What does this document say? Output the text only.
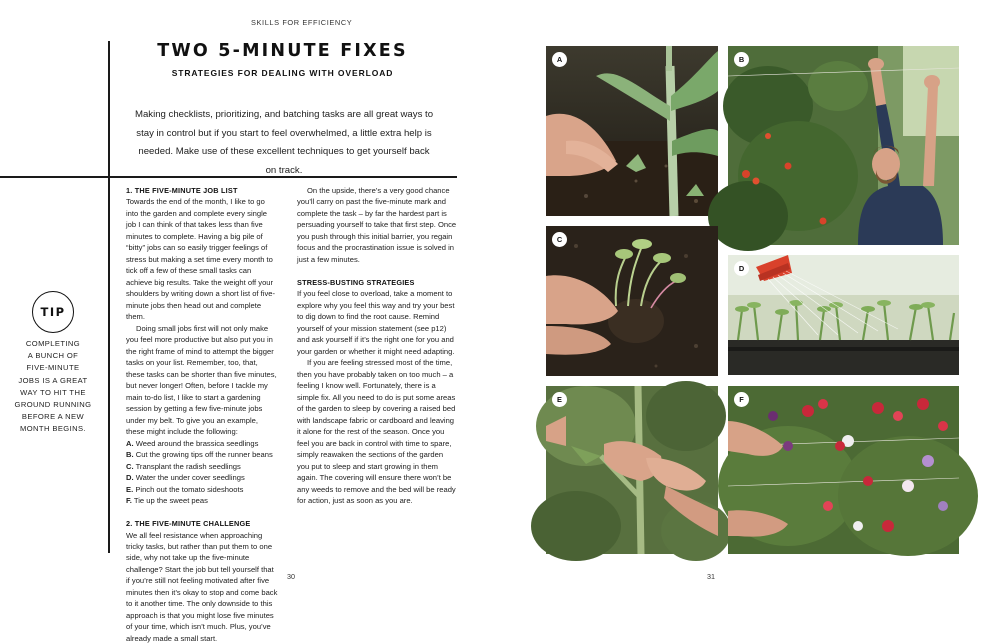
SKILLS FOR EFFICIENCY
TWO 5-MINUTE FIXES
STRATEGIES FOR DEALING WITH OVERLOAD
Making checklists, prioritizing, and batching tasks are all great ways to stay in control but if you start to feel overwhelmed, a little extra help is needed. Make use of these excellent techniques to get yourself back on track.
TIP
COMPLETING
A BUNCH OF
FIVE-MINUTE
JOBS IS A GREAT
WAY TO HIT THE
GROUND RUNNING
BEFORE A NEW
MONTH BEGINS.

1. THE FIVE-MINUTE JOB LIST

Towards the end of the month, I like to go into the garden and complete every single job I can think of that takes less than five minutes to complete. Having a big pile of “bitty” jobs can so easily trigger feelings of stress but making a set time every month to tick off a few of these small tasks can achieve big results. Take the weight off your shoulders by writing down a short list of five-minute jobs then head out and complete them.

Doing small jobs first will not only make you feel more productive but also put you in the right frame of mind to attempt the bigger tasks on your list. Remember, too, that, these tasks can be shorter than five minutes, but never longer! Often, before I tackle my main to-do list, I like to start a gardening session by getting a few five-minute jobs under my belt. To give you an example, these might include the following:

A. Weed around the brassica seedlings

B. Cut the growing tips off the runner beans

C. Transplant the radish seedlings

D. Water the under cover seedlings

E. Pinch out the tomato sideshoots

F. Tie up the sweet peas

2. THE FIVE-MINUTE CHALLENGE

We all feel resistance when approaching tricky tasks, but rather than put them to one side, why not take up the five-minute challenge? Start the job but tell yourself that if you’re still not feeling motivated after five minutes then it’s okay to stop and come back to it another time. The only downside to this approach is that you might lose five minutes of your time, which isn’t much. Plus, you’ve already made a small start.

On the upside, there’s a very good chance you’ll carry on past the five-minute mark and complete the task – by far the hardest part is persuading yourself to take that first step. Once you push through this initial barrier, you regain focus and the procrastination issue is solved in just a few minutes.

STRESS-BUSTING STRATEGIES

If you feel close to overload, take a moment to explore why you feel this way and try your best to dig down to find the root cause. Remind yourself of your mission statement (see p12) and ask yourself if it’s the right one for you and your garden or whether it might need adapting.

If you are feeling stressed most of the time, then you have probably taken on too much – a feeling I know well. Fortunately, there is a simple fix. All you need to do is put some areas of the garden to sleep by covering a raised bed with landscape fabric or cardboard and leaving it alone for the rest of the season. Once you feel you are back in control with time to spare, simply reawaken the sections of the garden you put to sleep and start growing in them again. The covering will ensure there won’t be any weeds to remove and the bed will be ready for action, just as soon as you are.

30
A	B
C
D
E	F
31
